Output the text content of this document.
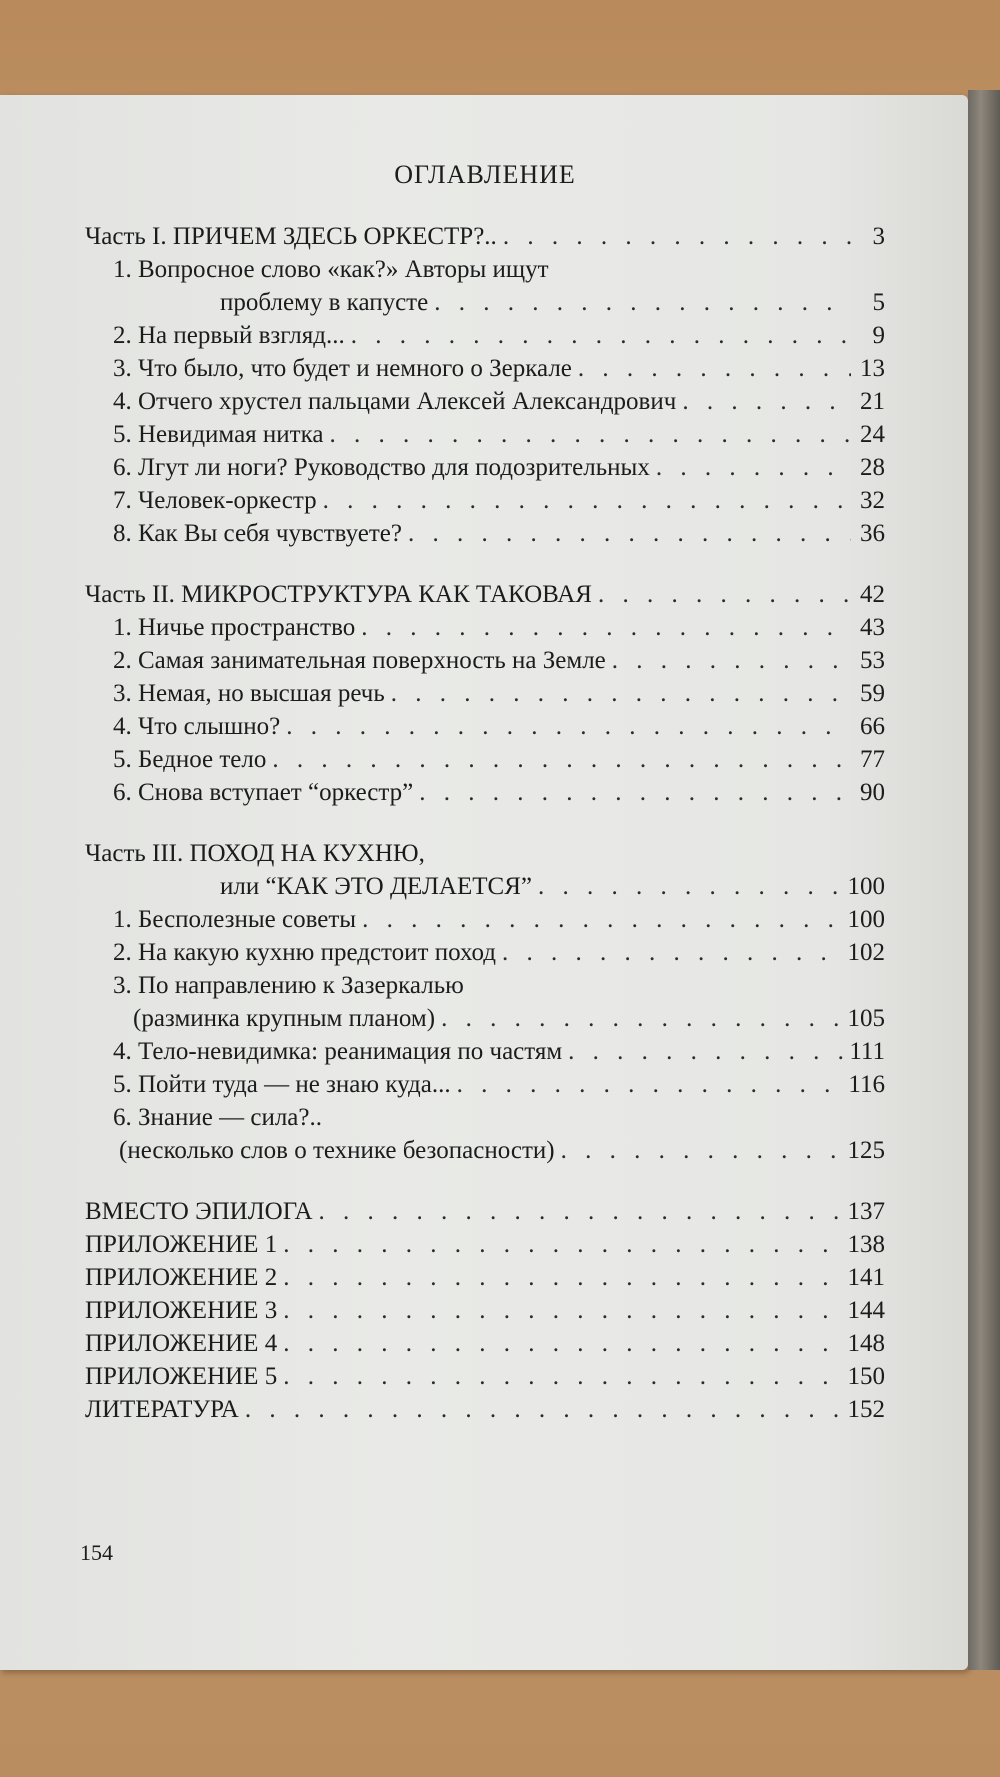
ОГЛАВЛЕНИЕ
Часть I. ПРИЧЕМ ЗДЕСЬ ОРКЕСТР?.. . . .	3
1. Вопросное слово «как?» Авторы ищут
проблему в капусте . . .	5
2. На первый взгляд... . . .	9
3. Что было, что будет и немного о Зеркале . . .	13
4. Отчего хрустел пальцами Алексей Александрович . . .	21
5. Невидимая нитка . . .	24
6. Лгут ли ноги? Руководство для подозрительных . . .	28
7. Человек-оркестр . . .	32
8. Как Вы себя чувствуете? . . .	36
Часть II. МИКРОСТРУКТУРА КАК ТАКОВАЯ . . .	42
1. Ничье пространство . . .	43
2. Самая занимательная поверхность на Земле . . .	53
3. Немая, но высшая речь . . .	59
4. Что слышно? . . .	66
5. Бедное тело . . .	77
6. Снова вступает “оркестр” . . .	90
Часть III. ПОХОД НА КУХНЮ,
или “КАК ЭТО ДЕЛАЕТСЯ” . . .	100
1. Бесполезные советы . . .	100
2. На какую кухню предстоит поход . . .	102
3. По направлению к Зазеркалью
(разминка крупным планом) . . .	105
4. Тело-невидимка: реанимация по частям . . .	111
5. Пойти туда — не знаю куда... . . .	116
6. Знание — сила?..
(несколько слов о технике безопасности) . . .	125
ВМЕСТО ЭПИЛОГА . . .	137
ПРИЛОЖЕНИЕ 1 . . .	138
ПРИЛОЖЕНИЕ 2 . . .	141
ПРИЛОЖЕНИЕ 3 . . .	144
ПРИЛОЖЕНИЕ 4 . . .	148
ПРИЛОЖЕНИЕ 5 . . .	150
ЛИТЕРАТУРА . . .	152
154
